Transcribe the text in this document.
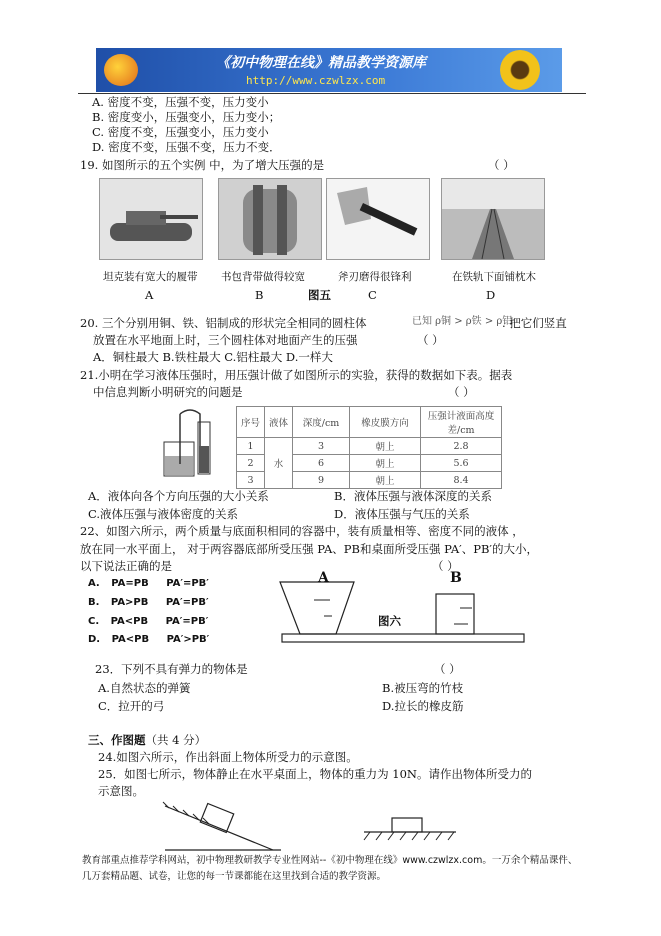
《初中物理在线》精品教学资源库
http://www.czwlzx.com
A. 密度不变，压强不变，压力变小
B. 密度变小，压强变小，压力变小；
C. 密度不变，压强变小，压力变小
D. 密度不变，压强不变，压力不变．
19. 如图所示的五个实例 中，为了增大压强的是	（ ）
坦克装有宽大的履带 书包背带做得较宽	斧刃磨得很锋利	在铁轨下面铺枕木
A	B	图五	C	D
20. 三个分别用铜、铁、铝制成的形状完全相同的圆柱体	已知 ρ铜 > ρ铁 > ρ铝
. 把它们竖直
放置在水平地面上时，三个圆柱体对地面产生的压强	（ ）
A．铜柱最大 B.铁柱最大 C.铝柱最大 D.一样大
21.小明在学习液体压强时，用压强计做了如图所示的实验，获得的数据如下表。据表
中信息判断小明研究的问题是	（ ）
序号	液体	深度/cm	橡皮膜方向	压强计液面高度差/cm
1	水	3	朝上	2.8
2		6	朝上	5.6
3		9	朝上	8.4
A．液体向各个方向压强的大小关系	B．液体压强与液体深度的关系
C.液体压强与液体密度的关系	D．液体压强与气压的关系
22、如图六所示，两个质量与底面积相同的容器中，装有质量相等、密度不同的液体 ，
放在同一水平面上， 对于两容器底部所受压强 PA、PB和桌面所受压强 PA′、PB′的大小，
以下说法正确的是	（ ）
A. PA=PB PA′=PB′
B. PA>PB PA′=PB′
C. PA<PB PA′=PB′
D. PA<PB PA′>PB′
A	B
图六
23．下列不具有弹力的物体是	（ ）
A.自然状态的弹簧	B.被压弯的竹枝
C．拉开的弓	D.拉长的橡皮筋
三、作图题（共 4 分）
24.如图六所示，作出斜面上物体所受力的示意图。
25．如图七所示，物体静止在水平桌面上，物体的重力为 10N。请作出物体所受力的
示意图。
教育部重点推荐学科网站，初中物理教研教学专业性网站--《初中物理在线》www.czwlzx.com。一万余个精品课件、
几万套精品题、试卷，让您的每一节课都能在这里找到合适的教学资源。
